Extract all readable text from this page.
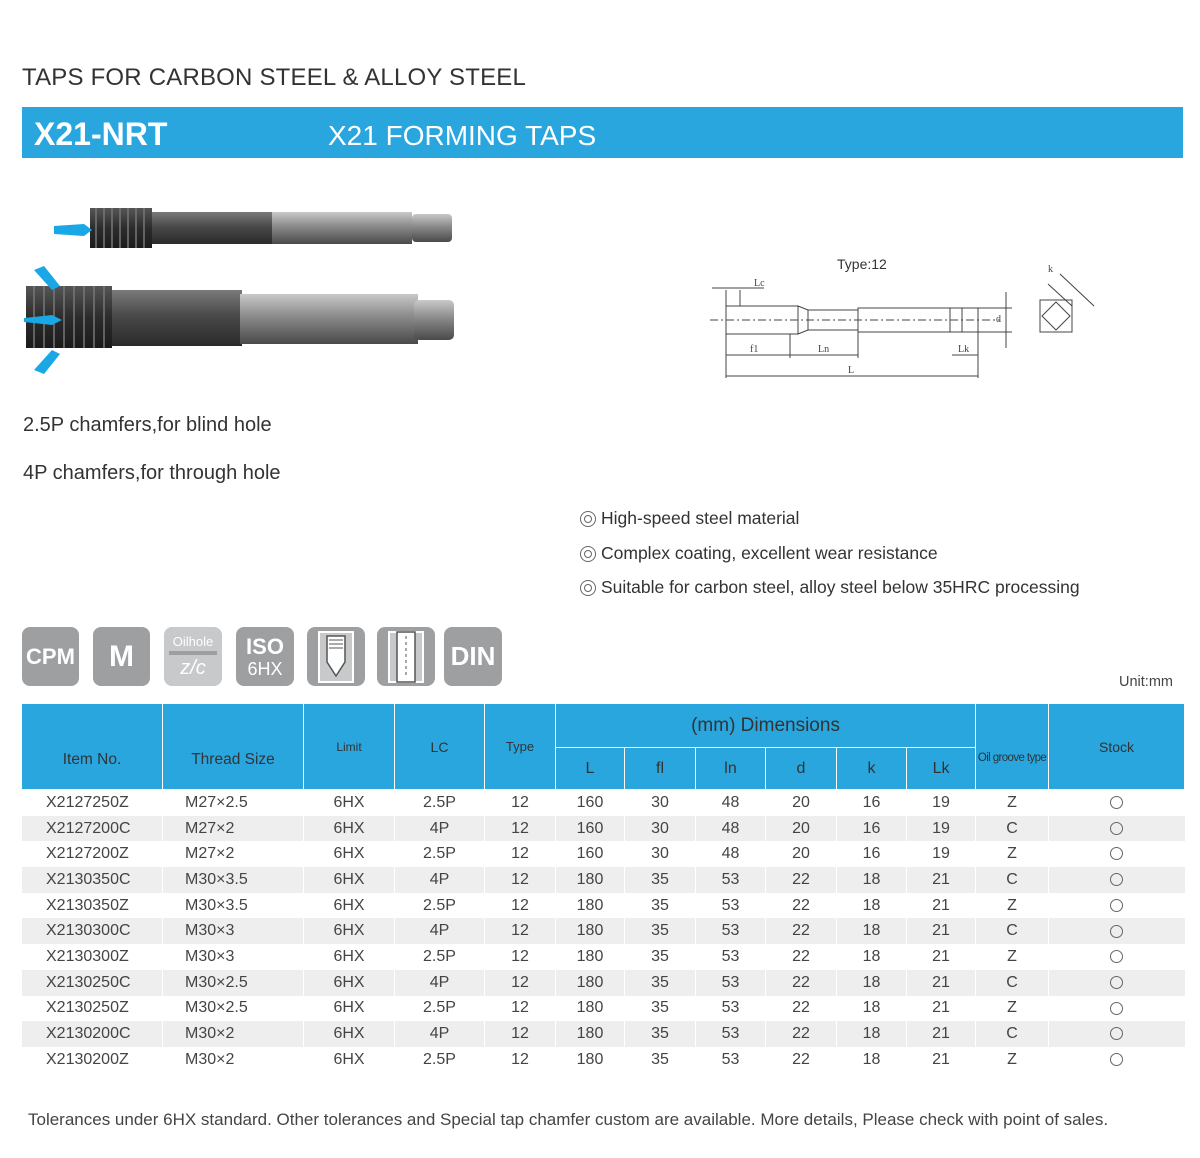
TAPS FOR CARBON STEEL & ALLOY STEEL
X21-NRT	X21 FORMING TAPS
2.5P chamfers,for blind hole
4P chamfers,for through hole
Type:12
Lc
f1	Ln	Lk
L
d
k
High-speed steel material
Complex coating, excellent wear resistance
Suitable for carbon steel, alloy steel below 35HRC processing
CPM M	Oilhole
z/c
ISO
6HX	DIN
Unit:mm
Item No.	Thread Size	Limit	LC	Type	(mm) Dimensions						Oil groove type	Stock
					L	fl	ln	d	k	Lk		
X2127250Z	M27×2.5	6HX	2.5P	12	160	30	48	20	16	19	Z	
X2127200C	M27×2	6HX	4P	12	160	30	48	20	16	19	C	
X2127200Z	M27×2	6HX	2.5P	12	160	30	48	20	16	19	Z	
X2130350C	M30×3.5	6HX	4P	12	180	35	53	22	18	21	C	
X2130350Z	M30×3.5	6HX	2.5P	12	180	35	53	22	18	21	Z	
X2130300C	M30×3	6HX	4P	12	180	35	53	22	18	21	C	
X2130300Z	M30×3	6HX	2.5P	12	180	35	53	22	18	21	Z	
X2130250C	M30×2.5	6HX	4P	12	180	35	53	22	18	21	C	
X2130250Z	M30×2.5	6HX	2.5P	12	180	35	53	22	18	21	Z	
X2130200C	M30×2	6HX	4P	12	180	35	53	22	18	21	C	
X2130200Z	M30×2	6HX	2.5P	12	180	35	53	22	18	21	Z	
Tolerances under 6HX standard. Other tolerances and Special tap chamfer custom are available. More details, Please check with point of sales.
